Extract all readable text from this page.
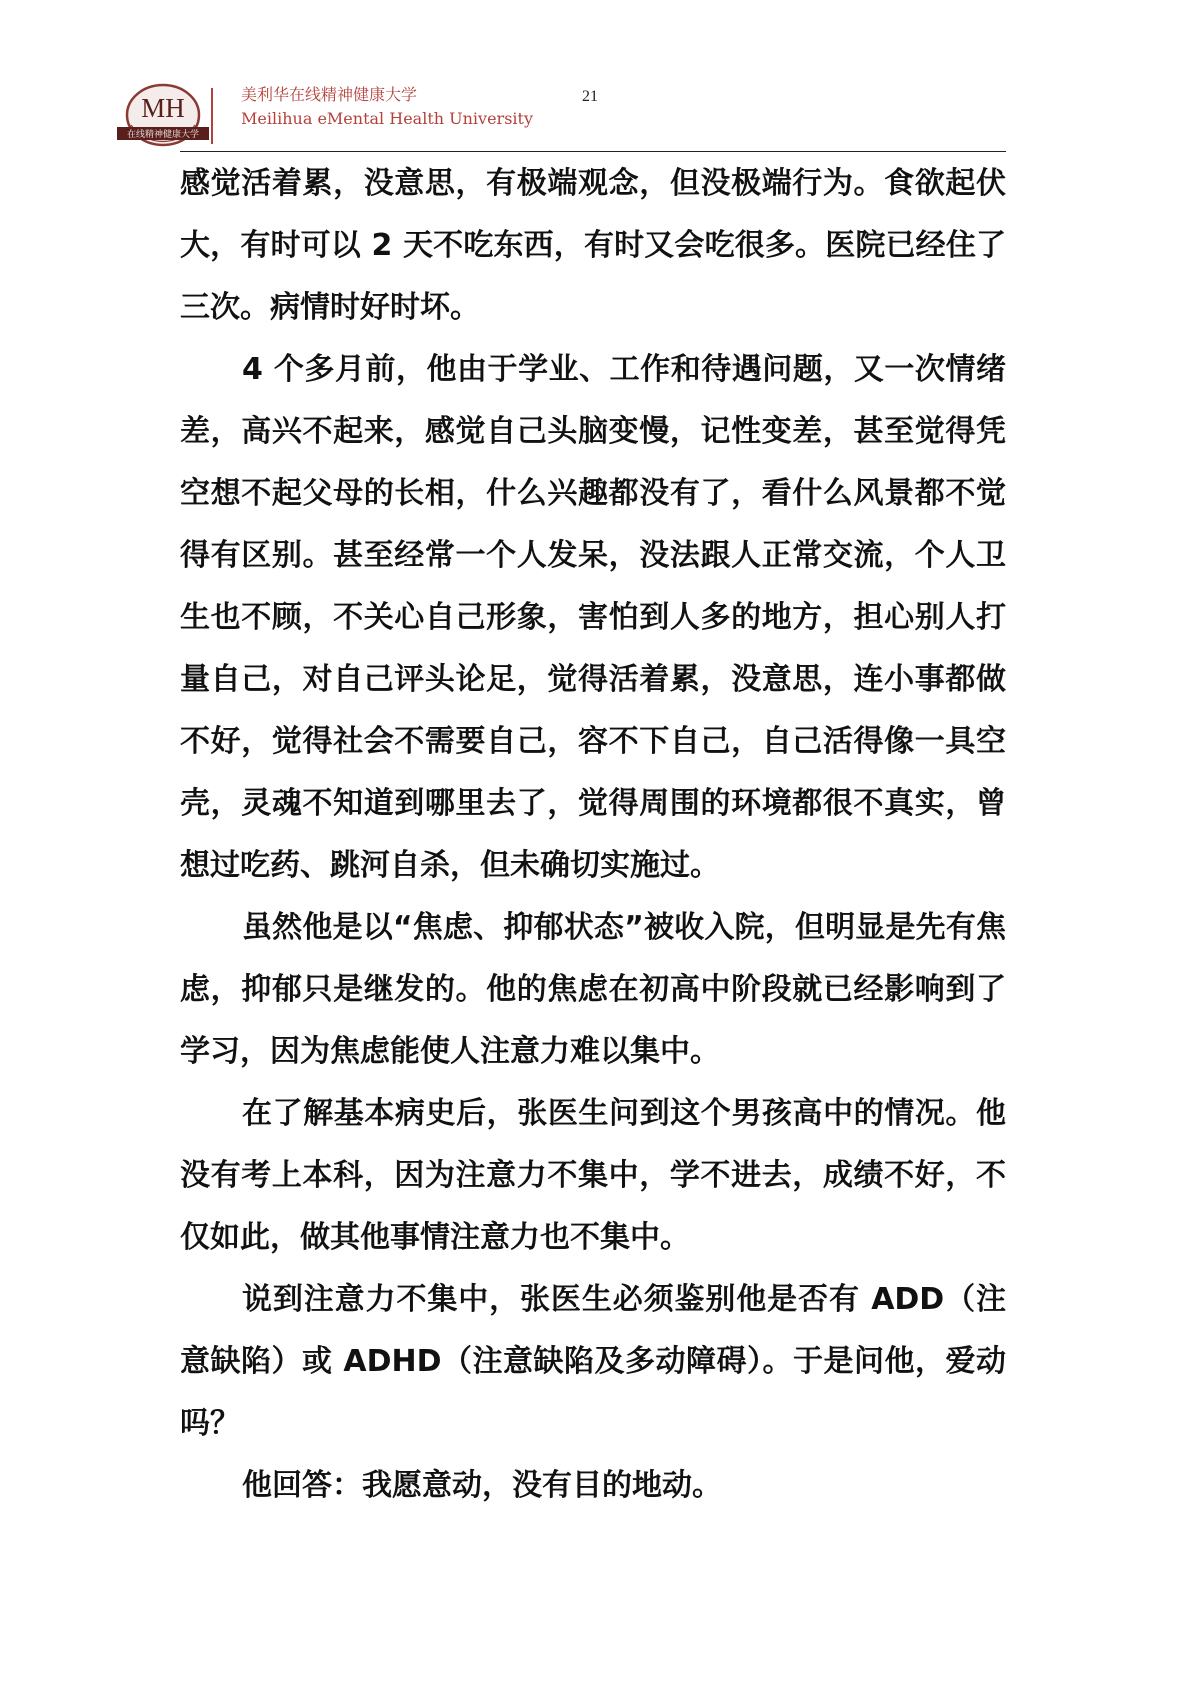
MH
在线精神健康大学
美利华在线精神健康大学
Meilihua eMental Health University
21

感觉活着累，没意思，有极端观念，但没极端行为。食欲起伏大，有时可以 2 天不吃东西，有时又会吃很多。医院已经住了三次。病情时好时坏。

4 个多月前，他由于学业、工作和待遇问题，又一次情绪差，高兴不起来，感觉自己头脑变慢，记性变差，甚至觉得凭空想不起父母的长相，什么兴趣都没有了，看什么风景都不觉得有区别。甚至经常一个人发呆，没法跟人正常交流，个人卫生也不顾，不关心自己形象，害怕到人多的地方，担心别人打量自己，对自己评头论足，觉得活着累，没意思，连小事都做不好，觉得社会不需要自己，容不下自己，自己活得像一具空壳，灵魂不知道到哪里去了，觉得周围的环境都很不真实，曾想过吃药、跳河自杀，但未确切实施过。

虽然他是以“焦虑、抑郁状态”被收入院，但明显是先有焦虑，抑郁只是继发的。他的焦虑在初高中阶段就已经影响到了学习，因为焦虑能使人注意力难以集中。

在了解基本病史后，张医生问到这个男孩高中的情况。他没有考上本科，因为注意力不集中，学不进去，成绩不好，不仅如此，做其他事情注意力也不集中。

说到注意力不集中，张医生必须鉴别他是否有 ADD（注意缺陷）或 ADHD（注意缺陷及多动障碍）。于是问他，爱动吗？

他回答：我愿意动，没有目的地动。
